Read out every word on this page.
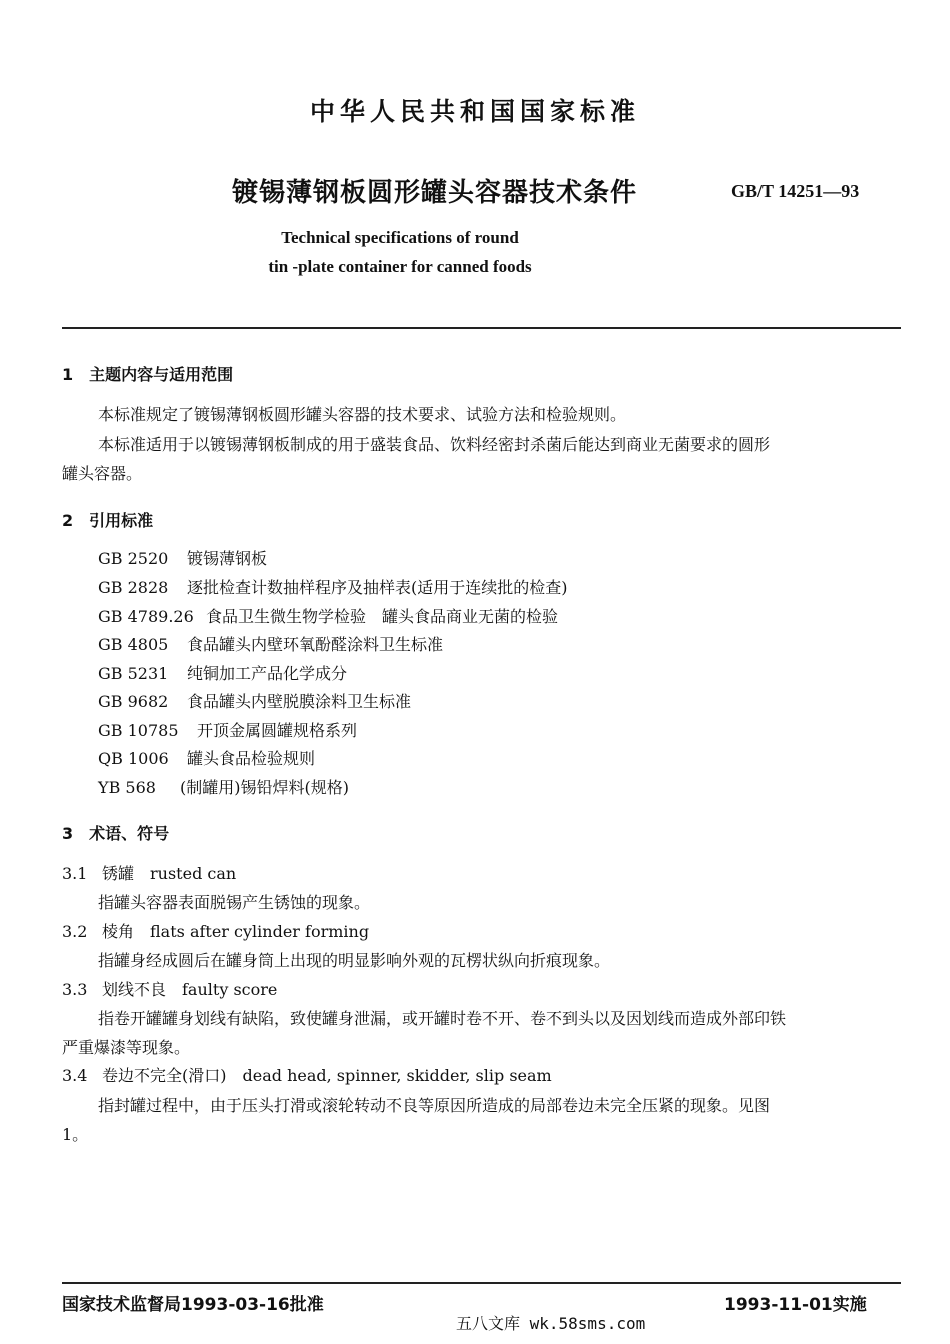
中华人民共和国国家标准
镀锡薄钢板圆形罐头容器技术条件	GB/T 14251—93
Technical specifications of round
tin -plate container for canned foods
1　主题内容与适用范围
本标准规定了镀锡薄钢板圆形罐头容器的技术要求、试验方法和检验规则。
本标准适用于以镀锡薄钢板制成的用于盛装食品、饮料经密封杀菌后能达到商业无菌要求的圆形
罐头容器。
2　引用标准
GB 2520 镀锡薄钢板
GB 2828 逐批检查计数抽样程序及抽样表(适用于连续批的检查)
GB 4789.26 食品卫生微生物学检验　罐头食品商业无菌的检验
GB 4805 食品罐头内壁环氧酚醛涂料卫生标准
GB 5231 纯铜加工产品化学成分
GB 9682 食品罐头内壁脱膜涂料卫生标准
GB 10785 开顶金属圆罐规格系列
QB 1006 罐头食品检验规则
YB 568 (制罐用)锡铅焊料(规格)
3　术语、符号
3.1 锈罐　rusted can
指罐头容器表面脱锡产生锈蚀的现象。
3.2 棱角　flats after cylinder forming
指罐身经成圆后在罐身筒上出现的明显影响外观的瓦楞状纵向折痕现象。
3.3 划线不良　faulty score
指卷开罐罐身划线有缺陷，致使罐身泄漏，或开罐时卷不开、卷不到头以及因划线而造成外部印铁
严重爆漆等现象。
3.4 卷边不完全(滑口)　dead head, spinner, skidder, slip seam
指封罐过程中，由于压头打滑或滚轮转动不良等原因所造成的局部卷边未完全压紧的现象。见图
1。
国家技术监督局1993-03-16批准	1993-11-01实施
五八文库 wk.58sms.com
